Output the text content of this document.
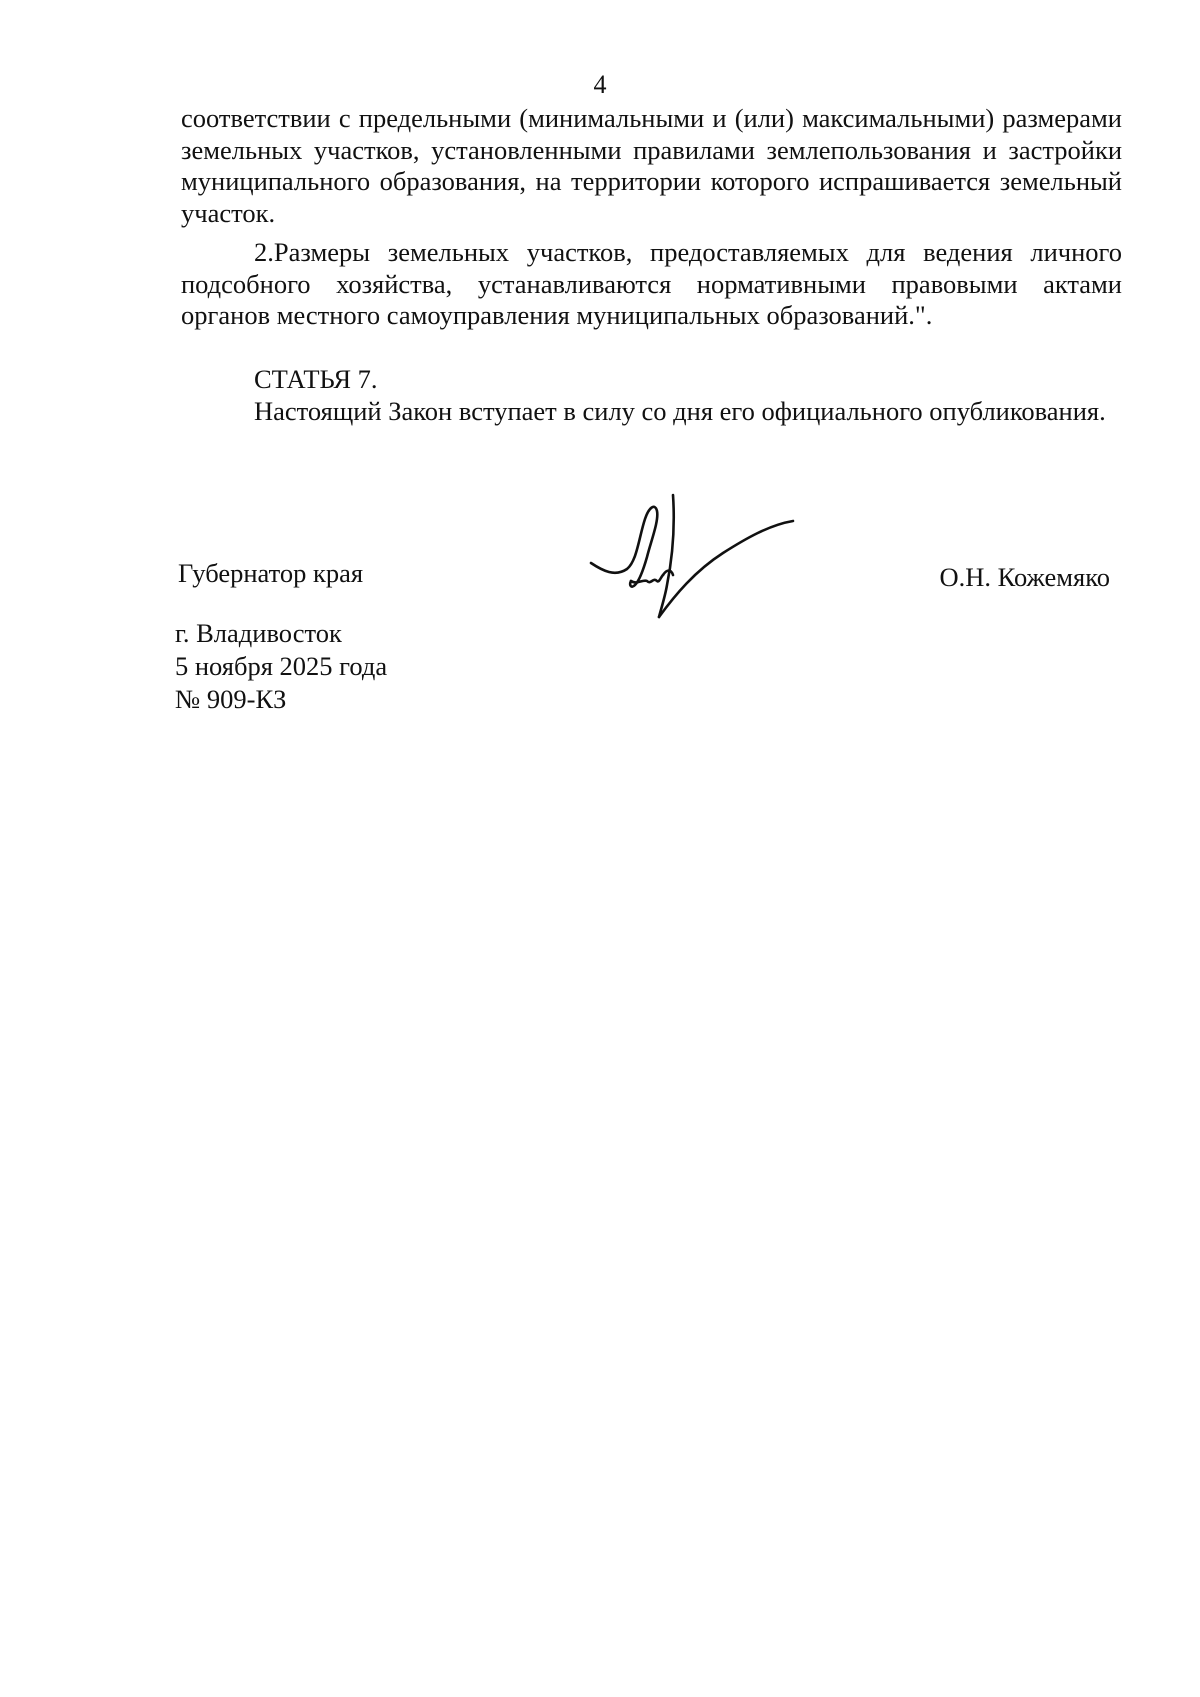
4
соответствии с предельными (минимальными и (или) максимальными) размерами земельных участков, установленными правилами землепользования и застройки муниципального образования, на территории которого испрашивается земельный участок.
2.Размеры земельных участков, предоставляемых для ведения личного подсобного хозяйства, устанавливаются нормативными правовыми актами органов местного самоуправления муниципальных образований.".
СТАТЬЯ 7.
Настоящий Закон вступает в силу со дня его официального опубликования.
Губернатор края	О.Н. Кожемяко
г. Владивосток
5 ноября 2025 года
№ 909-КЗ
